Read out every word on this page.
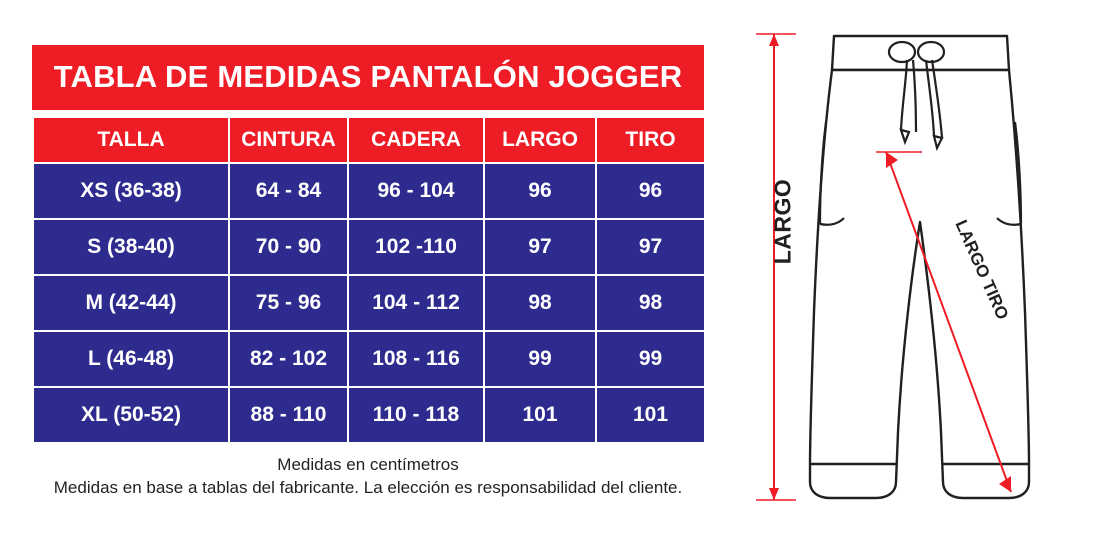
TABLA DE MEDIDAS PANTALÓN JOGGER
TALLA	CINTURA	CADERA	LARGO	TIRO
XS (36-38)	64 - 84	96 - 104	96	96
S (38-40)	70 - 90	102 -110	97	97
M (42-44)	75 - 96	104 - 112	98	98
L (46-48)	82 - 102	108 - 116	99	99
XL (50-52)	88 - 110	110 - 118	101	101
Medidas en centímetros
Medidas en base a tablas del fabricante. La elección es responsabilidad del cliente.
LARGO	LARGO TIRO
